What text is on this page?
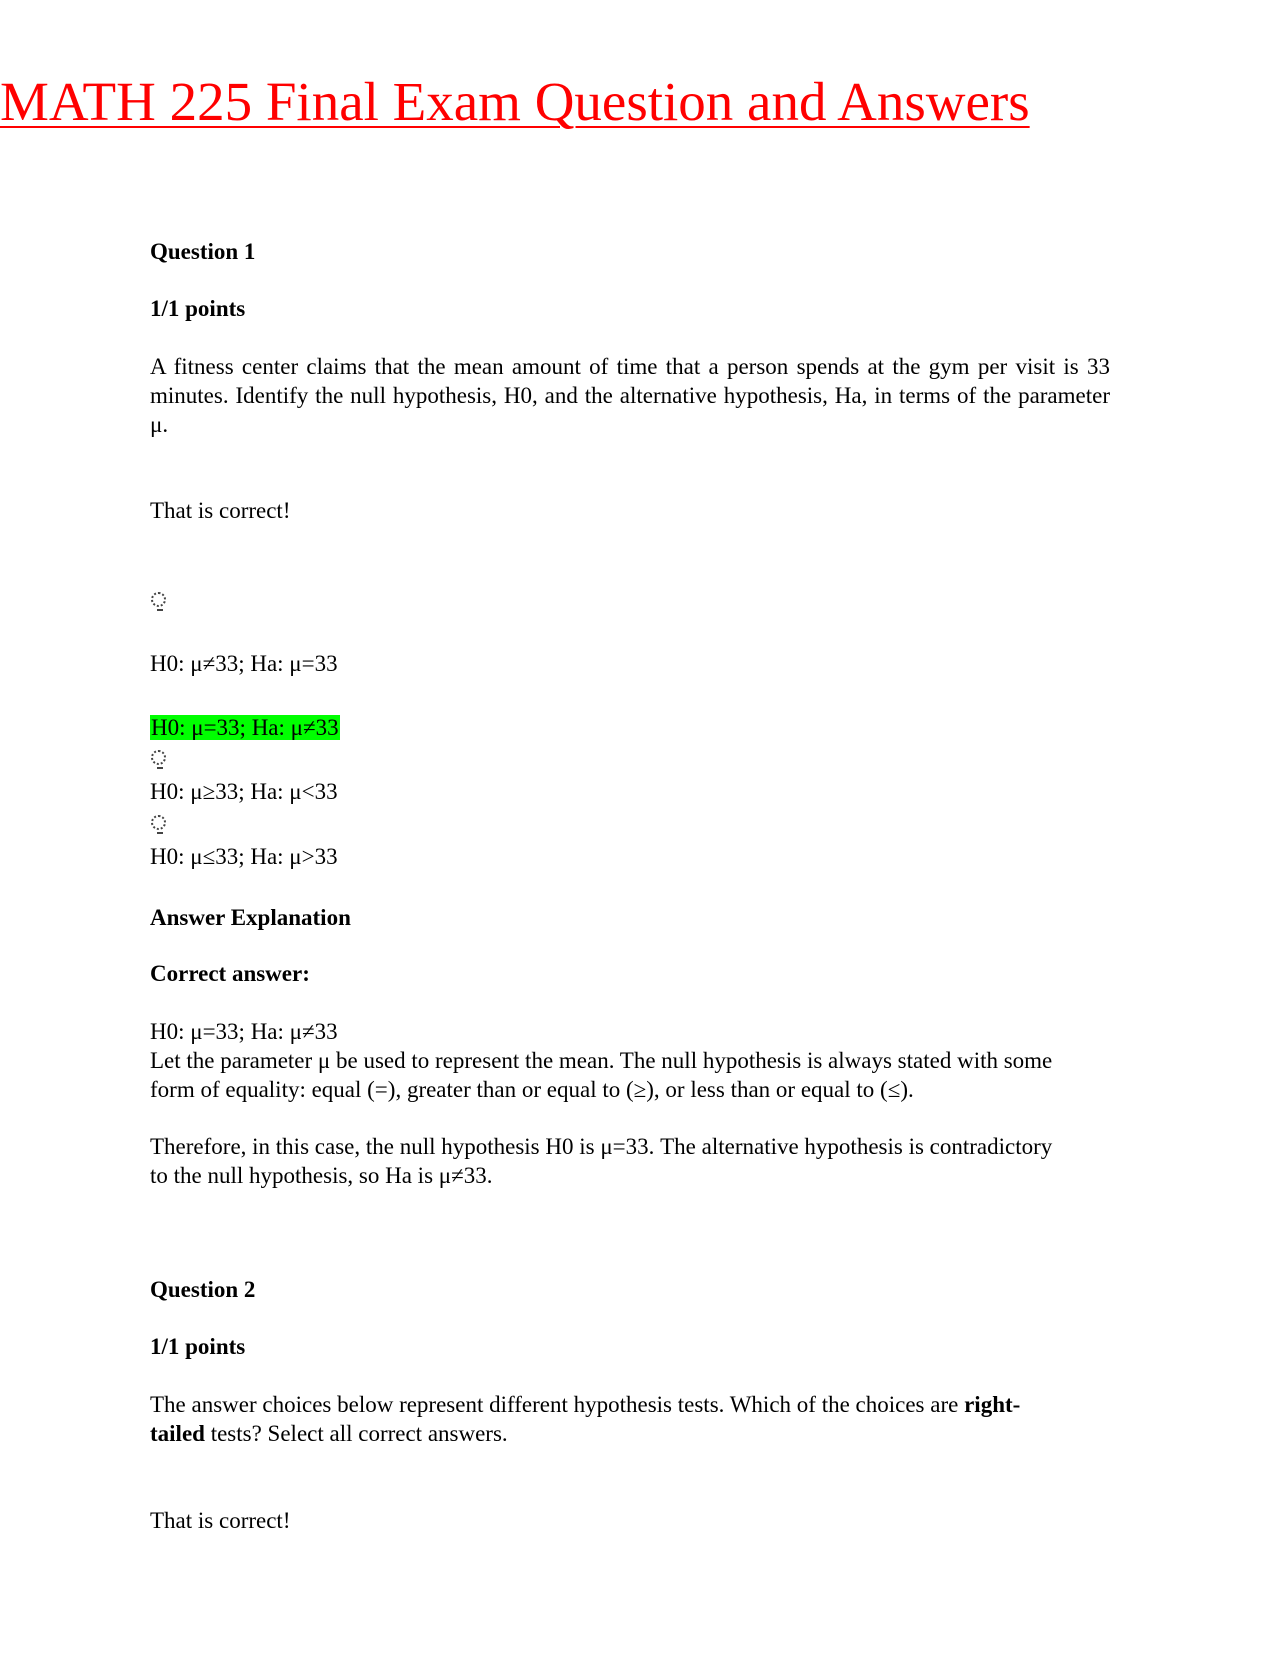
MATH 225 Final Exam Question and Answers
Question 1
1/1 points
A fitness center claims that the mean amount of time that a person spends at the gym per visit is 33 minutes. Identify the null hypothesis, H0, and the alternative hypothesis, Ha, in terms of the parameter μ.
That is correct!
H0: μ≠33; Ha: μ=33
H0: μ=33; Ha: μ≠33
H0: μ≥33; Ha: μ<33
H0: μ≤33; Ha: μ>33
Answer Explanation
Correct answer:
H0: μ=33; Ha: μ≠33
Let the parameter μ be used to represent the mean. The null hypothesis is always stated with some form of equality: equal (=), greater than or equal to (≥), or less than or equal to (≤).
Therefore, in this case, the null hypothesis H0 is μ=33. The alternative hypothesis is contradictory to the null hypothesis, so Ha is μ≠33.
Question 2
1/1 points
The answer choices below represent different hypothesis tests. Which of the choices are right- tailed tests? Select all correct answers.
That is correct!
